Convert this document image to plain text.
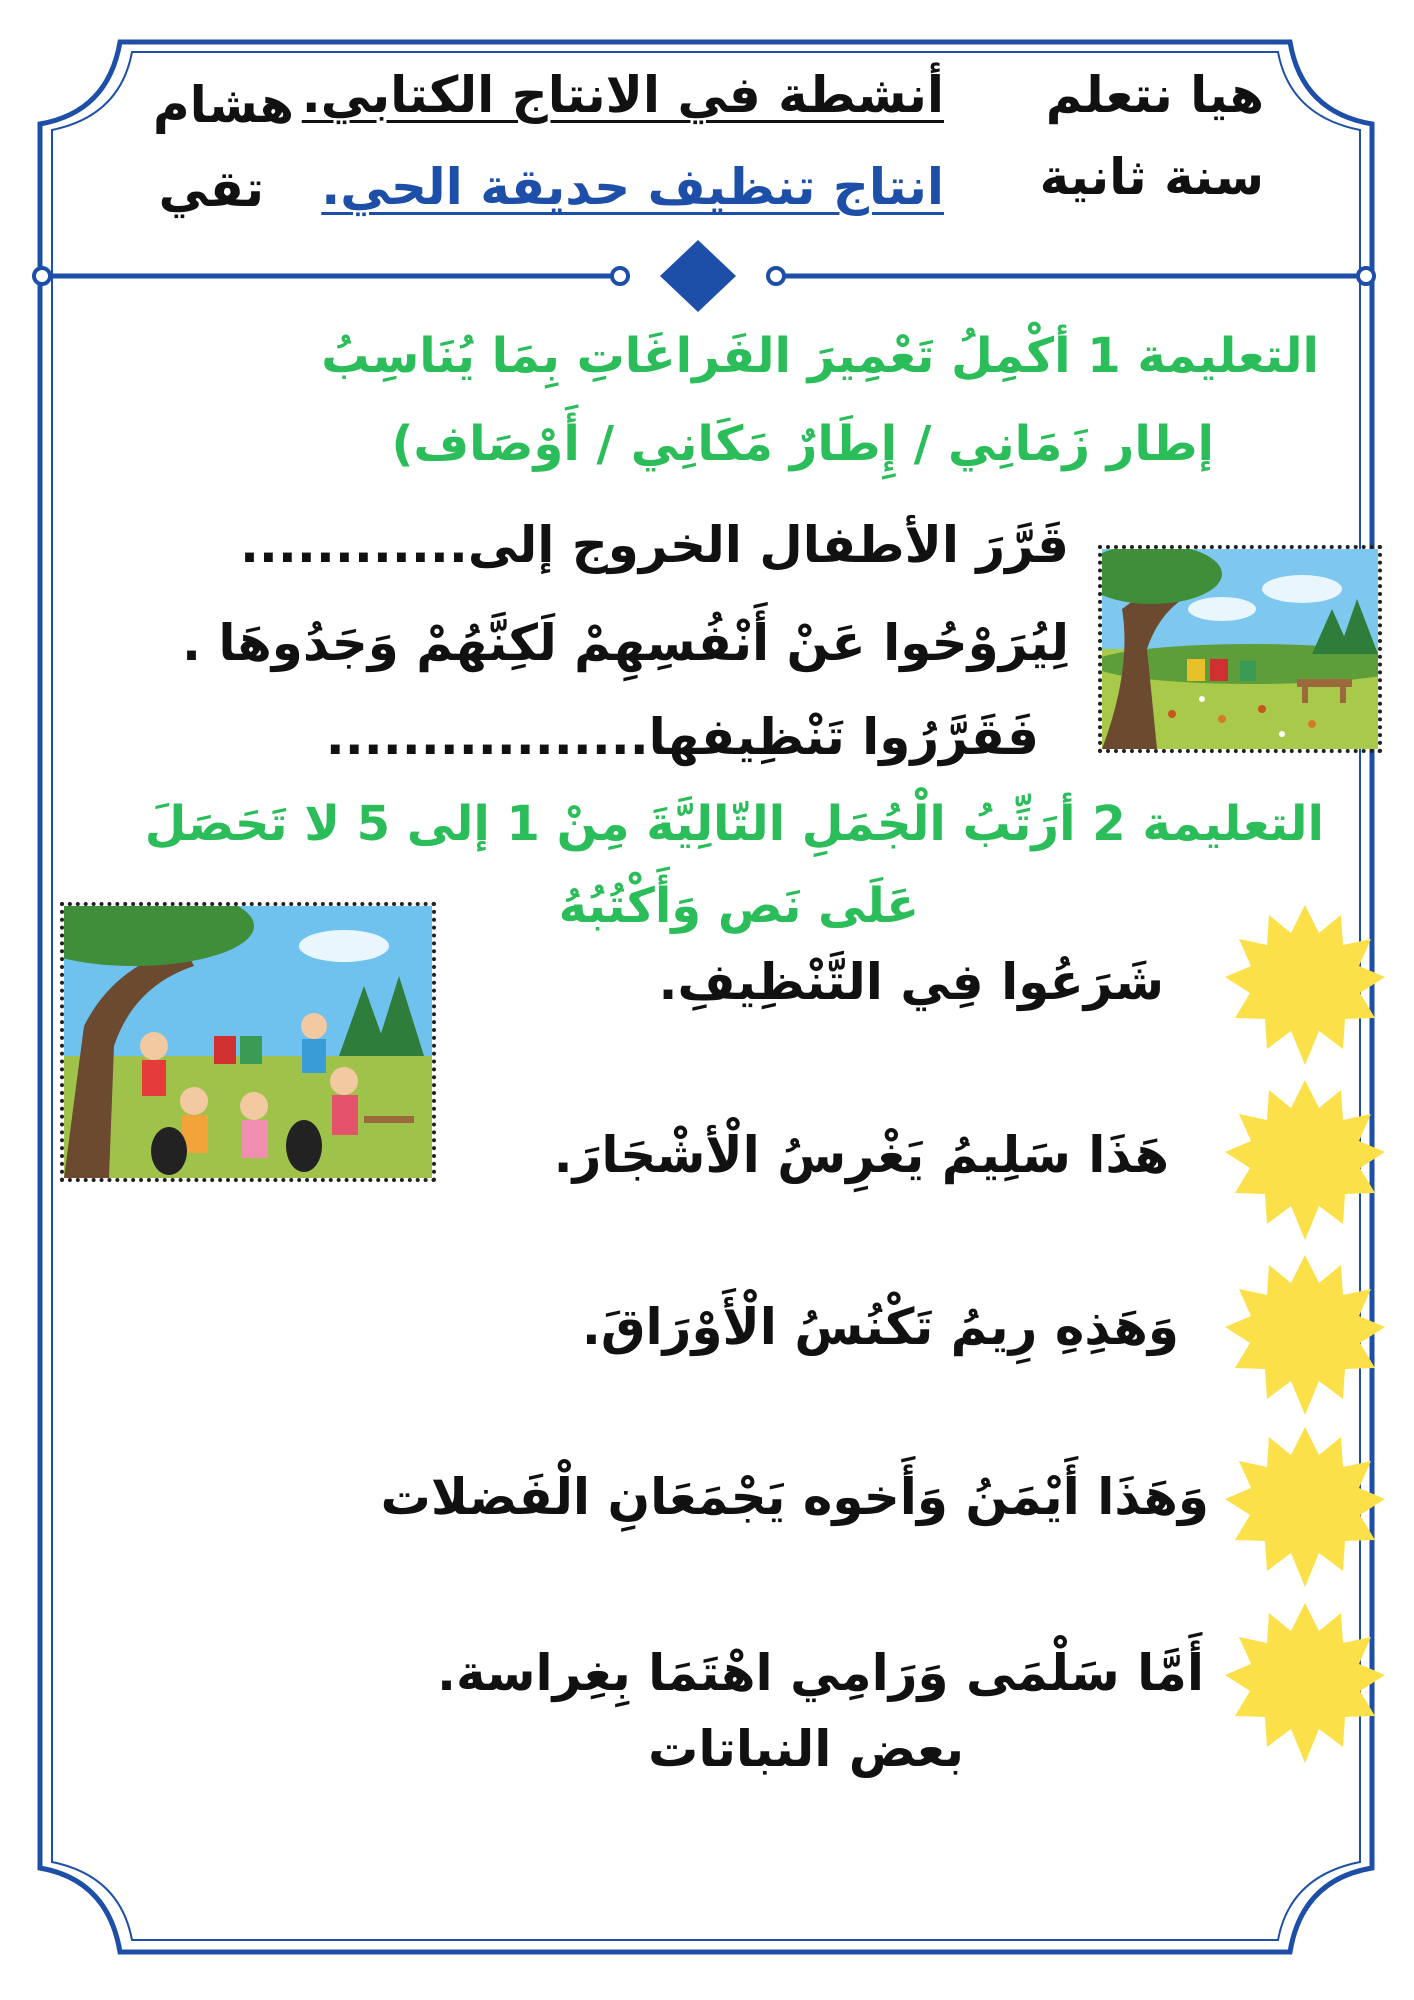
هيا نتعلم
سنة ثانية
أنشطة في الانتاج الكتابي.
انتاج تنظيف حديقة الحي.
هشام
تقي
التعليمة 1 أكْمِلُ تَعْمِيرَ الفَراغَاتِ بِمَا يُنَاسِبُ
إطار زَمَانِي / إِطَارٌ مَكَانِي / أَوْصَاف)
قَرَّرَ الأطفال الخروج إلى............
لِيُرَوْحُوا عَنْ أَنْفُسِهِمْ لَكِنَّهُمْ وَجَدُوهَا .
فَقَرَّرُوا تَنْظِيفها.................
التعليمة 2 أرَتِّبُ الْجُمَلِ التّالِيَّةَ مِنْ 1 إلى 5 لا تَحَصَلَ
عَلَى نَص وَأَكْتُبُهُ
شَرَعُوا فِي التَّنْظِيفِ.
هَذَا سَلِيمُ يَغْرِسُ الْأشْجَارَ.
وَهَذِهِ رِيمُ تَكْنُسُ الْأَوْرَاقَ.
وَهَذَا أَيْمَنُ وَأَخوه يَجْمَعَانِ الْفَضلات
أَمَّا سَلْمَى وَرَامِي اهْتَمَا بِغِراسة.
بعض النباتات
